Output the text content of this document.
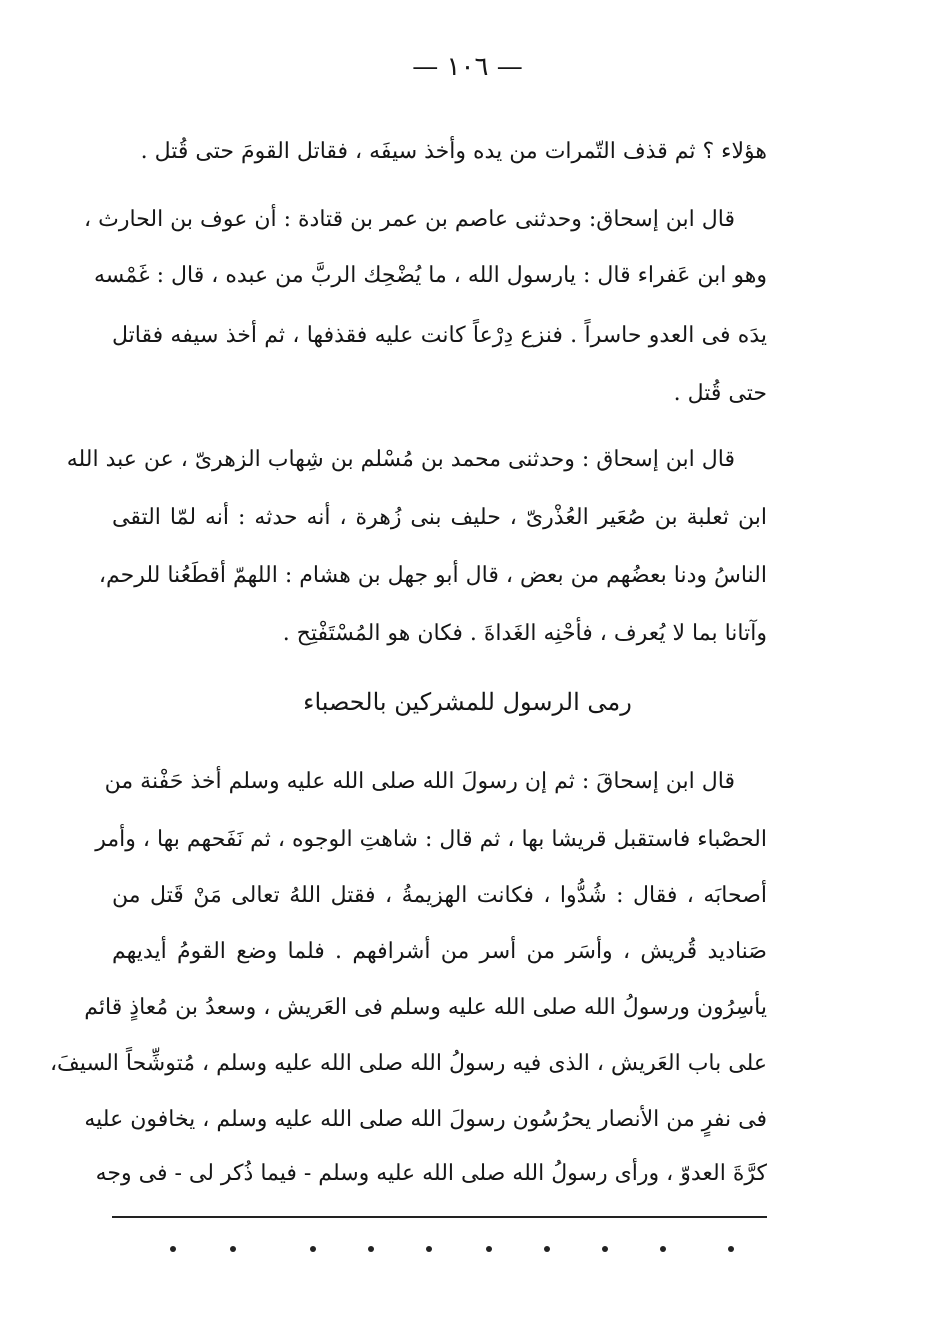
— ١٠٦ —
هؤلاء ؟ ثم قذف التّمرات من يده وأخذ سيفَه ، فقاتل القومَ حتى قُتل .
قال ابن إسحاق: وحدثنى عاصم بن عمر بن قتادة : أن عوف بن الحارث ،
وهو ابن عَفراء قال : يارسول الله ، ما يُضْحِك الربَّ من عبده ، قال : غَمْسه
يدَه فى العدو حاسراً . فنزع دِرْعاً كانت عليه فقذفها ، ثم أخذ سيفه فقاتل
حتى قُتل .
قال ابن إسحاق : وحدثنى محمد بن مُسْلم بن شِهاب الزهرىّ ، عن عبد الله
ابن ثعلبة بن صُعَير العُذْرىّ ، حليف بنى زُهرة ، أنه حدثه : أنه لمّا التقى
الناسُ ودنا بعضُهم من بعض ، قال أبو جهل بن هشام : اللهمّ أقطَعُنا للرحم،
وآتانا بما لا يُعرف ، فأحْنِه الغَداةَ . فكان هو المُسْتَفْتِح .
رمى الرسول للمشركين بالحصباء
قال ابن إسحاقَ : ثم إن رسولَ الله صلى الله عليه وسلم أخذ حَفْنة من
الحصْباء فاستقبل قريشا بها ، ثم قال : شاهتِ الوجوه ، ثم نَفَحهم بها ، وأمر
أصحابَه ، فقال : شُدُّوا ، فكانت الهزيمةُ ، فقتل اللهُ تعالى مَنْ قَتل من
صَناديد قُريش ، وأسَر من أسر من أشرافهم . فلما وضع القومُ أيديهم
يأسِرُون ورسولُ الله صلى الله عليه وسلم فى العَريش ، وسعدُ بن مُعاذٍ قائم
على باب العَريش ، الذى فيه رسولُ الله صلى الله عليه وسلم ، مُتوشِّحاً السيفَ،
فى نفرٍ من الأنصار يحرُسُون رسولَ الله صلى الله عليه وسلم ، يخافون عليه
كرَّةَ العدوّ ، ورأى رسولُ الله صلى الله عليه وسلم - فيما ذُكر لى - فى وجه
